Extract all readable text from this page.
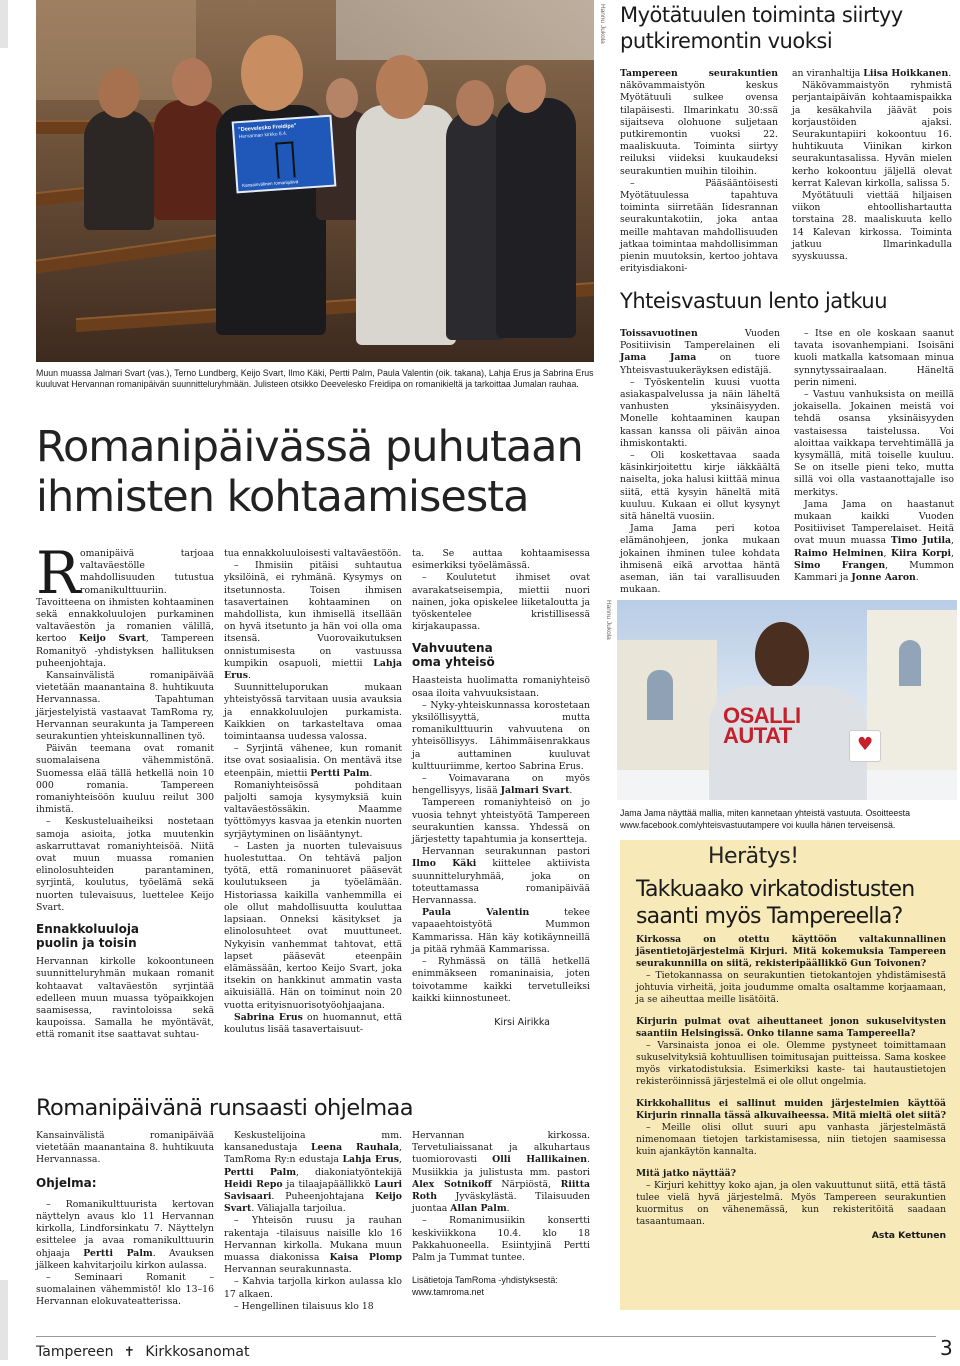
"Deevelesko Freidipa"
Hervannan kirkko 8.4.
Kansainvälinen romanipäivä
Hannu Jukola
Muun muassa Jalmari Svart (vas.), Terno Lundberg, Keijo Svart, Ilmo Käki, Pertti Palm, Paula Valentin (oik. takana), Lahja Erus ja Sabrina Erus kuuluvat Hervannan romanipäivän suunnitteluryhmään. Julisteen otsikko Deevelesko Freidipa on romanikieltä ja tarkoittaa Jumalan rauhaa.
Romanipäivässä puhutaan
ihmisten kohtaamisesta
R omanipäivä tarjoaa valtaväestölle mahdollisuuden tutustua romanikulttuuriin. Tavoitteena on ihmisten kohtaaminen sekä ennakkoluulojen purkaminen valtaväestön ja romanien välillä, kertoo Keijo Svart, Tampereen Romanityö -yhdistyksen hallituksen puheenjohtaja.

Kansainvälistä romanipäivää vietetään maanantaina 8. huhtikuuta Hervannassa. Tapahtuman järjestelyistä vastaavat TamRoma ry, Hervannan seurakunta ja Tampereen seurakuntien yhteiskunnallinen työ.

Päivän teemana ovat romanit suomalaisena vähemmistönä. Suomessa elää tällä hetkellä noin 10 000 romania. Tampereen romaniyhteisöön kuuluu reilut 300 ihmistä.

– Keskusteluaiheiksi nostetaan samoja asioita, jotka muutenkin askarruttavat romaniyhteisöä. Niitä ovat muun muassa romanien elinolosuhteiden parantaminen, syrjintä, koulutus, työelämä sekä nuorten tulevaisuus, luettelee Keijo Svart.

Ennakkoluuloja puolin ja toisin

Hervannan kirkolle kokoontuneen suunnitteluryhmän mukaan romanit kohtaavat valtaväestön syrjintää edelleen muun muassa työpaikkojen saamisessa, ravintoloissa sekä kaupoissa. Samalla he myöntävät, että romanit itse saattavat suhtau-

tua ennakkoluuloisesti valtaväestöön.

– Ihmisiin pitäisi suhtautua yksilöinä, ei ryhmänä. Kysymys on itsetunnosta. Toisen ihmisen tasavertainen kohtaaminen on mahdollista, kun ihmisellä itsellään on hyvä itsetunto ja hän voi olla oma itsensä. Vuorovaikutuksen onnistumisesta on vastuussa kumpikin osapuoli, miettii Lahja Erus.

Suunnitteluporukan mukaan yhteistyössä tarvitaan uusia avauksia ja ennakkoluulojen purkamista. Kaikkien on tarkasteltava omaa toimintaansa uudessa valossa.

– Syrjintä vähenee, kun romanit itse ovat sosiaalisia. On mentävä itse eteenpäin, miettii Pertti Palm.

Romaniyhteisössä pohditaan paljolti samoja kysymyksiä kuin valtaväestössäkin. Maamme työttömyys kasvaa ja etenkin nuorten syrjäytyminen on lisääntynyt.

– Lasten ja nuorten tulevaisuus huolestuttaa. On tehtävä paljon työtä, että romaninuoret pääsevät koulutukseen ja työelämään. Historiassa kaikilla vanhemmilla ei ole ollut mahdollisuutta kouluttaa lapsiaan. Onneksi käsitykset ja elinolosuhteet ovat muuttuneet. Nykyisin vanhemmat tahtovat, että lapset pääsevät eteenpäin elämässään, kertoo Keijo Svart, joka itsekin on hankkinut ammatin vasta aikuisiällä. Hän on toiminut noin 20 vuotta erityisnuorisotyöohjaajana.

Sabrina Erus on huomannut, että koulutus lisää tasavertaisuut-

ta. Se auttaa kohtaamisessa esimerkiksi työelämässä.

– Koulutetut ihmiset ovat avarakatseisempia, miettii nuori nainen, joka opiskelee liiketaloutta ja työskentelee kristillisessä kirjakaupassa.

Vahvuutena oma yhteisö

Haasteista huolimatta romaniyhteisö osaa iloita vahvuuksistaan.

– Nyky-yhteiskunnassa korostetaan yksilöllisyyttä, mutta romanikulttuurin vahvuutena on yhteisöllisyys. Lähimmäisenrakkaus ja auttaminen kuuluvat kulttuuriimme, kertoo Sabrina Erus.

– Voimavarana on myös hengellisyys, lisää Jalmari Svart.

Tampereen romaniyhteisö on jo vuosia tehnyt yhteistyötä Tampereen seurakuntien kanssa. Yhdessä on järjestetty tapahtumia ja konsertteja.

Hervannan seurakunnan pastori Ilmo Käki kiittelee aktiivista suunnitteluryhmää, joka on toteuttamassa romanipäivää Hervannassa.

Paula Valentin tekee vapaaehtoistyötä Mummon Kammarissa. Hän käy kotikäynneillä ja pitää ryhmää Kammarissa.

– Ryhmässä on tällä hetkellä enimmäkseen romaninaisia, joten toivotamme kaikki tervetulleiksi kaikki kiinnostuneet.

Kirsi Airikka
Romanipäivänä runsaasti ohjelmaa

Kansainvälistä romanipäivää vietetään maanantaina 8. huhtikuuta Hervannassa.

Ohjelma:

– Romanikulttuurista kertovan näyttelyn avaus klo 11 Hervannan kirkolla, Lindforsinkatu 7. Näyttelyn esittelee ja avaa romanikulttuurin ohjaaja Pertti Palm. Avauksen jälkeen kahvitarjoilu kirkon aulassa.

– Seminaari Romanit – suomalainen vähemmistö! klo 13–16 Hervannan elokuvateatterissa.

Keskustelijoina mm. kansanedustaja Leena Rauhala, TamRoma Ry:n edustaja Lahja Erus, Pertti Palm, diakoniatyöntekijä Heidi Repo ja tilaajapäällikkö Lauri Savisaari. Puheenjohtajana Keijo Svart. Väliajalla tarjoilua.

– Yhteisön ruusu ja rauhan rakentaja -tilaisuus naisille klo 16 Hervannan kirkolla. Mukana muun muassa diakonissa Kaisa Plomp Hervannan seurakunnasta.

– Kahvia tarjolla kirkon aulassa klo 17 alkaen.

– Hengellinen tilaisuus klo 18

Hervannan kirkossa. Tervetuliaissanat ja alkuhartaus tuomiorovasti Olli Hallikainen. Musiikkia ja julistusta mm. pastori Alex Sotnikoff Närpiöstä, Riitta Roth Jyväskylästä. Tilaisuuden juontaa Allan Palm.

– Romanimusiikin konsertti keskiviikkona 10.4. klo 18 Pakkahuoneella. Esiintyjinä Pertti Palm ja Tummat tuntee.

Lisätietoja TamRoma -yhdistyksestä:

www.tamroma.net

Myötätuulen toiminta siirtyy
putkiremontin vuoksi

Tampereen seurakuntien näkövammaistyön keskus Myötätuuli sulkee ovensa tilapäisesti. Ilmarinkatu 30:ssä sijaitseva olohuone suljetaan putkiremontin vuoksi 22. maaliskuuta. Toiminta siirtyy reiluksi viideksi kuukaudeksi seurakuntien muihin tiloihin.

– Pääsääntöisesti Myötätuulessa tapahtuva toiminta siirretään Iidesrannan seurakuntakotiin, joka antaa meille mahtavan mahdollisuuden jatkaa toimintaa mahdollisimman pienin muutoksin, kertoo johtava erityisdiakoni-

an viranhaltija Liisa Hoikkanen.

Näkövammaistyön ryhmistä perjantaipäivän kohtaamispaikka ja kesäkahvila jäävät pois korjaustöiden ajaksi. Seurakuntapiiri kokoontuu 16. huhtikuuta Viinikan kirkon seurakuntasalissa. Hyvän mielen kerho kokoontuu jäljellä olevat kerrat Kalevan kirkolla, salissa 5.

Myötätuuli viettää hiljaisen viikon ehtoollishartautta torstaina 28. maaliskuuta kello 14 Kalevan kirkossa. Toiminta jatkuu Ilmarinkadulla syyskuussa.

Yhteisvastuun lento jatkuu

Toissavuotinen Vuoden Positiivisin Tamperelainen eli Jama Jama on tuore Yhteisvastuukeräyksen edistäjä.

– Työskentelin kuusi vuotta asiakaspalvelussa ja näin läheltä vanhusten yksinäisyyden. Monelle kohtaaminen kaupan kassan kanssa oli päivän ainoa ihmiskontakti.

– Oli koskettavaa saada käsinkirjoitettu kirje iäkkäältä naiselta, joka halusi kiittää minua siitä, että kysyin häneltä mitä kuuluu. Kukaan ei ollut kysynyt sitä häneltä vuosiin.

Jama Jama peri kotoa elämänohjeen, jonka mukaan jokainen ihminen tulee kohdata ihmisenä eikä arvottaa häntä aseman, iän tai varallisuuden mukaan.

– Itse en ole koskaan saanut tavata isovanhempiani. Isoisäni kuoli matkalla katsomaan minua synnytyssairaalaan. Häneltä perin nimeni.

– Vastuu vanhuksista on meillä jokaisella. Jokainen meistä voi tehdä osansa yksinäisyyden vastaisessa taistelussa. Voi aloittaa vaikkapa tervehtimällä ja kysymällä, mitä toiselle kuuluu. Se on itselle pieni teko, mutta sillä voi olla vastaanottajalle iso merkitys.

Jama Jama on haastanut mukaan kaikki Vuoden Positiiviset Tamperelaiset. Heitä ovat muun muassa Timo Jutila, Raimo Helminen, Kiira Korpi, Simo Frangen, Mummon Kammari ja Jonne Aaron.

OSALLI
AUTAT	♥
Hannu Jukola
Jama Jama näyttää mallia, miten kannetaan yhteistä vastuuta. Osoitteesta www.facebook.com/yhteisvastuutampere voi kuulla hänen terveisensä.
Herätys!
Takkuaako virkatodistusten saanti myös Tampereella?

Kirkossa on otettu käyttöön valtakunnallinen jäsentietojärjestelmä Kirjuri. Mitä kokemuksia Tampereen seurakunnilla on siitä, rekisteripäällikkö Gun Toivonen?

– Tietokannassa on seurakuntien tietokantojen yhdistämisestä johtuvia virheitä, joita joudumme omalta osaltamme korjaamaan, ja se aiheuttaa meille lisätöitä.

Kirjurin pulmat ovat aiheuttaneet jonon sukuselvitysten saantiin Helsingissä. Onko tilanne sama Tampereella?

– Varsinaista jonoa ei ole. Olemme pystyneet toimittamaan sukuselvityksiä kohtuullisen toimitusajan puitteissa. Sama koskee myös virkatodistuksia. Esimerkiksi kaste- tai hautaustietojen rekisteröinnissä järjestelmä ei ole ollut ongelmia.

Kirkkohallitus ei sallinut muiden järjestelmien käyttöä Kirjurin rinnalla tässä alkuvaiheessa. Mitä mieltä olet siitä?

– Meille olisi ollut suuri apu vanhasta järjestelmästä nimenomaan tietojen tarkistamisessa, niin tietojen saamisessa kuin ajankäytön kannalta.

Mitä jatko näyttää?

– Kirjuri kehittyy koko ajan, ja olen vakuuttunut siitä, että tästä tulee vielä hyvä järjestelmä. Myös Tampereen seurakuntien kuormitus on vähenemässä, kun rekisteritöitä saadaan tasaantumaan.

Asta Kettunen

Tampereen ✝ Kirkkosanomat	3
